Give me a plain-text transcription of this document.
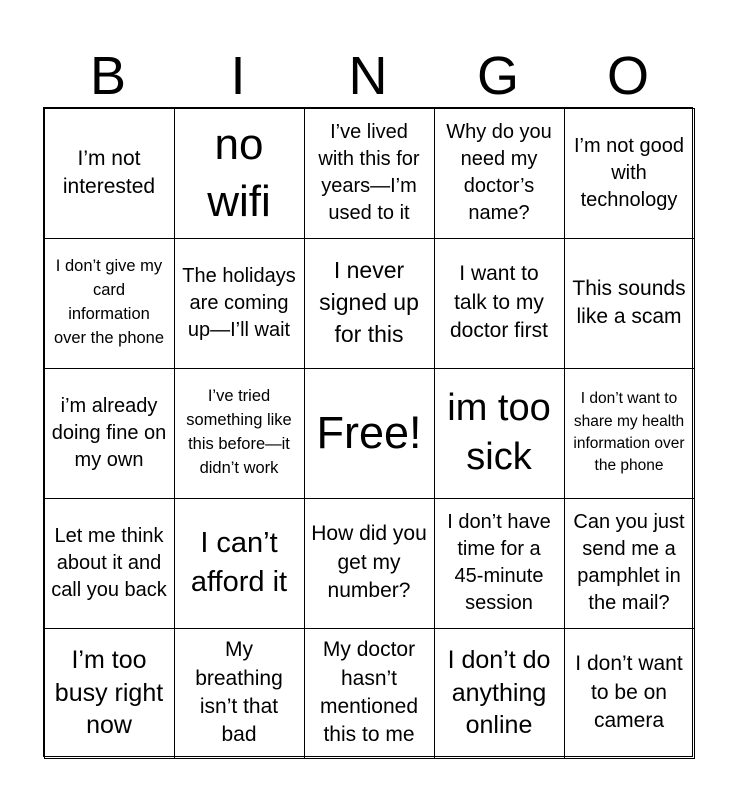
B	I	N	G	O
I’m not interested
no wifi
I’ve lived with this for years—I’m used to it
Why do you need my doctor’s name?
I’m not good with technology
I don’t give my card information over the phone
The holidays are coming up—I’ll wait
I never signed up for this
I want to talk to my doctor first
This sounds like a scam
i’m already doing fine on my own
I’ve tried something like this before—it didn’t work
Free! im too sick
I don’t want to share my health information over the phone
Let me think about it and call you back
I can’t afford it
How did you get my number?
I don’t have time for a 45-minute session
Can you just send me a pamphlet in the mail?
I’m too busy right now
My breathing isn’t that bad
My doctor hasn’t mentioned this to me
I don’t do anything online
I don’t want to be on camera
